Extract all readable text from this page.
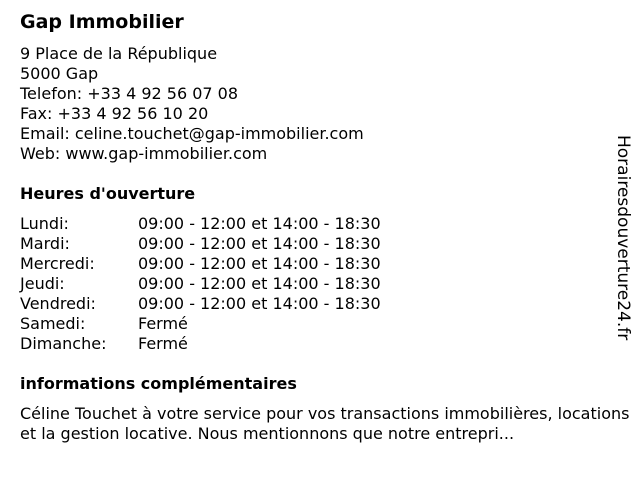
Gap Immobilier
9 Place de la République
5000 Gap
Telefon: +33 4 92 56 07 08
Fax: +33 4 92 56 10 20
Email: celine.touchet@gap-immobilier.com
Web: www.gap-immobilier.com
Heures d'ouverture
Lundi:	09:00 - 12:00 et 14:00 - 18:30
Mardi:	09:00 - 12:00 et 14:00 - 18:30
Mercredi:	09:00 - 12:00 et 14:00 - 18:30
Jeudi:	09:00 - 12:00 et 14:00 - 18:30
Vendredi:	09:00 - 12:00 et 14:00 - 18:30
Samedi:	Fermé
Dimanche: Fermé
informations complémentaires
Céline Touchet à votre service pour vos transactions immobilières, locations et la gestion locative. Nous mentionnons que notre entrepri...
Horairesdouverture24.fr
